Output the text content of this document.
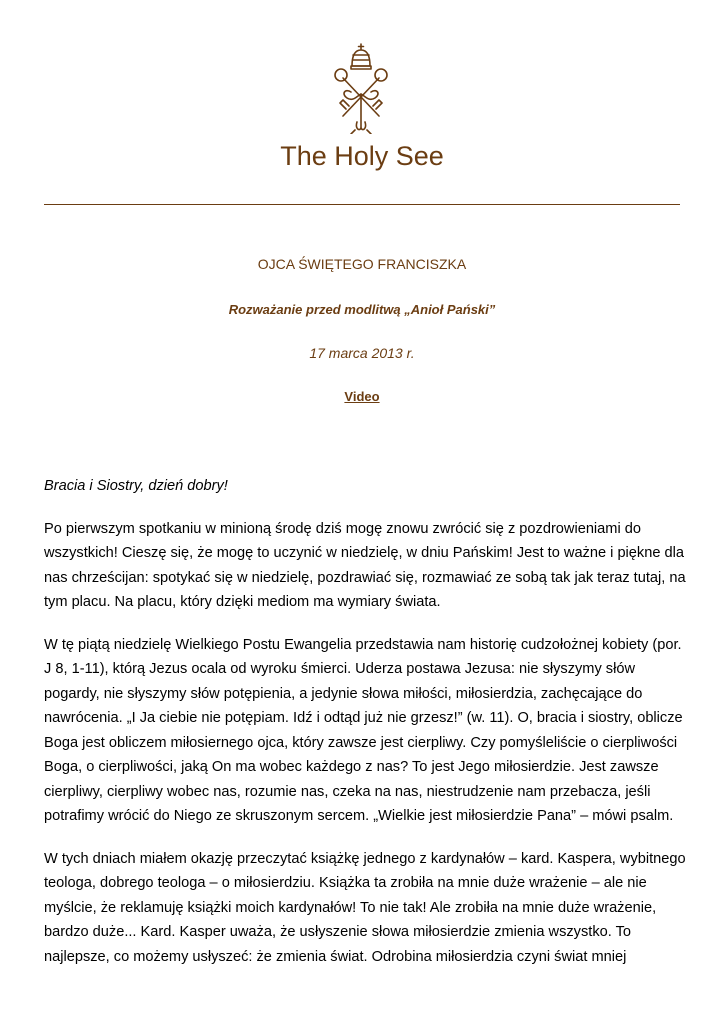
The Holy See
OJCA ŚWIĘTEGO FRANCISZKA
Rozważanie przed modlitwą „Anioł Pański”
17 marca 2013 r.
Video

Bracia i Siostry, dzień dobry!

Po pierwszym spotkaniu w minioną środę dziś mogę znowu zwrócić się z pozdrowieniami do wszystkich! Cieszę się, że mogę to uczynić w niedzielę, w dniu Pańskim! Jest to ważne i piękne dla nas chrześcijan: spotykać się w niedzielę, pozdrawiać się, rozmawiać ze sobą tak jak teraz tutaj, na tym placu. Na placu, który dzięki mediom ma wymiary świata.

W tę piątą niedzielę Wielkiego Postu Ewangelia przedstawia nam historię cudzołożnej kobiety (por. J 8, 1-11), którą Jezus ocala od wyroku śmierci. Uderza postawa Jezusa: nie słyszymy słów pogardy, nie słyszymy słów potępienia, a jedynie słowa miłości, miłosierdzia, zachęcające do nawrócenia. „I Ja ciebie nie potępiam. Idź i odtąd już nie grzesz!” (w. 11). O, bracia i siostry, oblicze Boga jest obliczem miłosiernego ojca, który zawsze jest cierpliwy. Czy pomyśleliście o cierpliwości Boga, o cierpliwości, jaką On ma wobec każdego z nas? To jest Jego miłosierdzie. Jest zawsze cierpliwy, cierpliwy wobec nas, rozumie nas, czeka na nas, niestrudzenie nam przebacza, jeśli potrafimy wrócić do Niego ze skruszonym sercem. „Wielkie jest miłosierdzie Pana” – mówi psalm.

W tych dniach miałem okazję przeczytać książkę jednego z kardynałów – kard. Kaspera, wybitnego teologa, dobrego teologa – o miłosierdziu. Książka ta zrobiła na mnie duże wrażenie – ale nie myślcie, że reklamuję książki moich kardynałów! To nie tak! Ale zrobiła na mnie duże wrażenie, bardzo duże... Kard. Kasper uważa, że usłyszenie słowa miłosierdzie zmienia wszystko. To najlepsze, co możemy usłyszeć: że zmienia świat. Odrobina miłosierdzia czyni świat mniej
